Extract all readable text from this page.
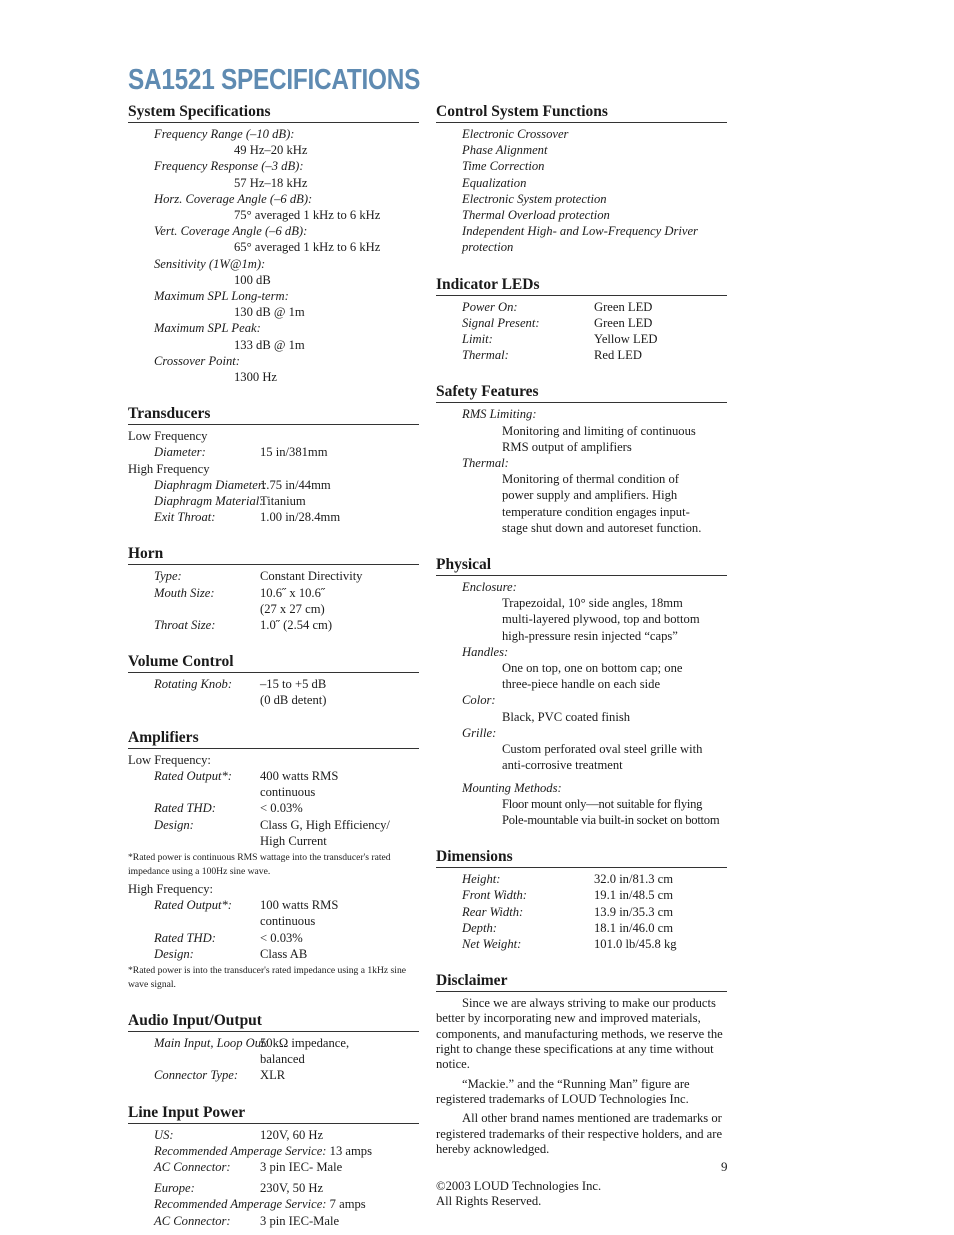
SA1521 SPECIFICATIONS
System Specifications
Frequency Range (–10 dB):
49 Hz–20 kHz
Frequency Response (–3 dB):
57 Hz–18 kHz
Horz. Coverage Angle (–6 dB):
75° averaged 1 kHz to 6 kHz
Vert. Coverage Angle (–6 dB):
65° averaged 1 kHz to 6 kHz
Sensitivity (1W@1m):
100 dB
Maximum SPL Long-term:
130 dB @ 1m
Maximum SPL Peak:
133 dB @ 1m
Crossover Point:
1300 Hz
Transducers
Low Frequency
Diameter:	15 in/381mm
High Frequency
Diaphragm Diameter:
1.75 in/44mm
Diaphragm Material:
Titanium
Exit Throat:	1.00 in/28.4mm
Horn
Type:	Constant Directivity
Mouth Size:	10.6˝ x 10.6˝
(27 x 27 cm)
Throat Size:	1.0˝ (2.54 cm)
Volume Control
Rotating Knob:	–15 to +5 dB
(0 dB detent)
Amplifiers
Low Frequency:
Rated Output*:	400 watts RMS
continuous
Rated THD:	< 0.03%
Design:	Class G, High Efficiency/
High Current
*Rated power is continuous RMS wattage into the transducer's rated impedance using a 100Hz sine wave.
High Frequency:
Rated Output*:	100 watts RMS
continuous
Rated THD:	< 0.03%
Design:	Class AB
*Rated power is into the transducer's rated impedance using a 1kHz sine wave signal.
Audio Input/Output
Main Input, Loop Out:
50kΩ impedance,
balanced
Connector Type:	XLR
Line Input Power
US:	120V, 60 Hz
Recommended Amperage Service: 13 amps
AC Connector:	3 pin IEC- Male
Europe:	230V, 50 Hz
Recommended Amperage Service: 7 amps
AC Connector:	3 pin IEC-Male
Control System Functions
Electronic Crossover
Phase Alignment
Time Correction
Equalization
Electronic System protection
Thermal Overload protection
Independent High- and Low-Frequency Driver
protection
Indicator LEDs
Power On:	Green LED
Signal Present:	Green LED
Limit:	Yellow LED
Thermal:	Red LED
Safety Features
RMS Limiting:
Monitoring and limiting of continuous
RMS output of amplifiers
Thermal:
Monitoring of thermal condition of
power supply and amplifiers. High
temperature condition engages input-
stage shut down and autoreset function.
Physical
Enclosure:
Trapezoidal, 10° side angles, 18mm
multi-layered plywood, top and bottom
high-pressure resin injected “caps”
Handles:
One on top, one on bottom cap; one
three-piece handle on each side
Color:
Black, PVC coated finish
Grille:
Custom perforated oval steel grille with
anti-corrosive treatment
Mounting Methods:
Floor mount only—not suitable for flying
Pole-mountable via built-in socket on bottom
Dimensions
Height:	32.0 in/81.3 cm
Front Width:	19.1 in/48.5 cm
Rear Width:	13.9 in/35.3 cm
Depth:	18.1 in/46.0 cm
Net Weight:	101.0 lb/45.8 kg
Disclaimer

Since we are always striving to make our products better by incorporating new and improved materials, components, and manufacturing methods, we reserve the right to change these specifications at any time without notice.

“Mackie.” and the “Running Man” figure are registered trademarks of LOUD Technologies Inc.

All other brand names mentioned are trademarks or registered trademarks of their respective holders, and are hereby acknowledged.

©2003 LOUD Technologies Inc.
All Rights Reserved.
9
